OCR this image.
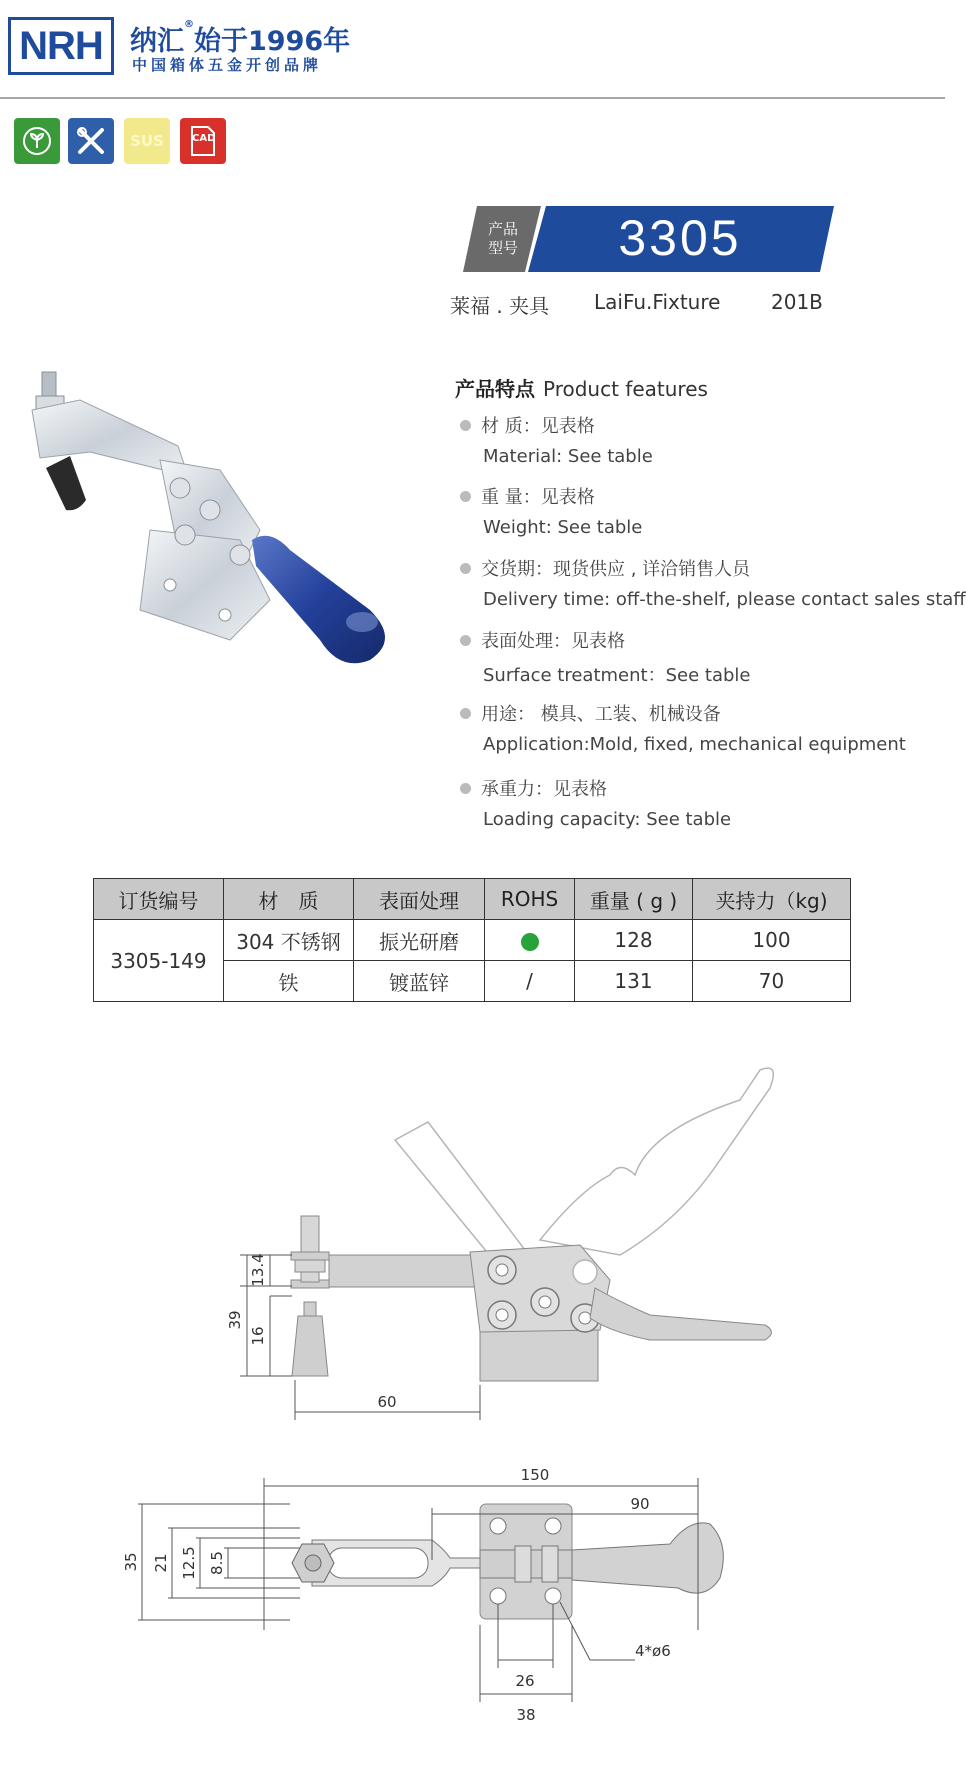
NRH 纳汇®始于1996年
中国箱体五金开创品牌
SUS	CAD
产品
型号	3305
莱福 . 夹具 LaiFu.Fixture	201B
产品特点 Product features
材 质：见表格
Material: See table
重 量：见表格
Weight: See table
交货期：现货供应 , 详洽销售人员
Delivery time: off-the-shelf, please contact sales staff
表面处理：见表格
Surface treatment：See table
用途： 模具、工装、机械设备
Application:Mold, fixed, mechanical equipment
承重力：见表格
Loading capacity: See table
订货编号	材　质	表面处理	ROHS	重量 ( g )	夹持力（kg)
3305-149	304 不锈钢	振光研磨		128	100
	铁	镀蓝锌	/	131	70
39
13.4
16
60
150
90
35 21 12.5 8.5
26
38
4*ø6
